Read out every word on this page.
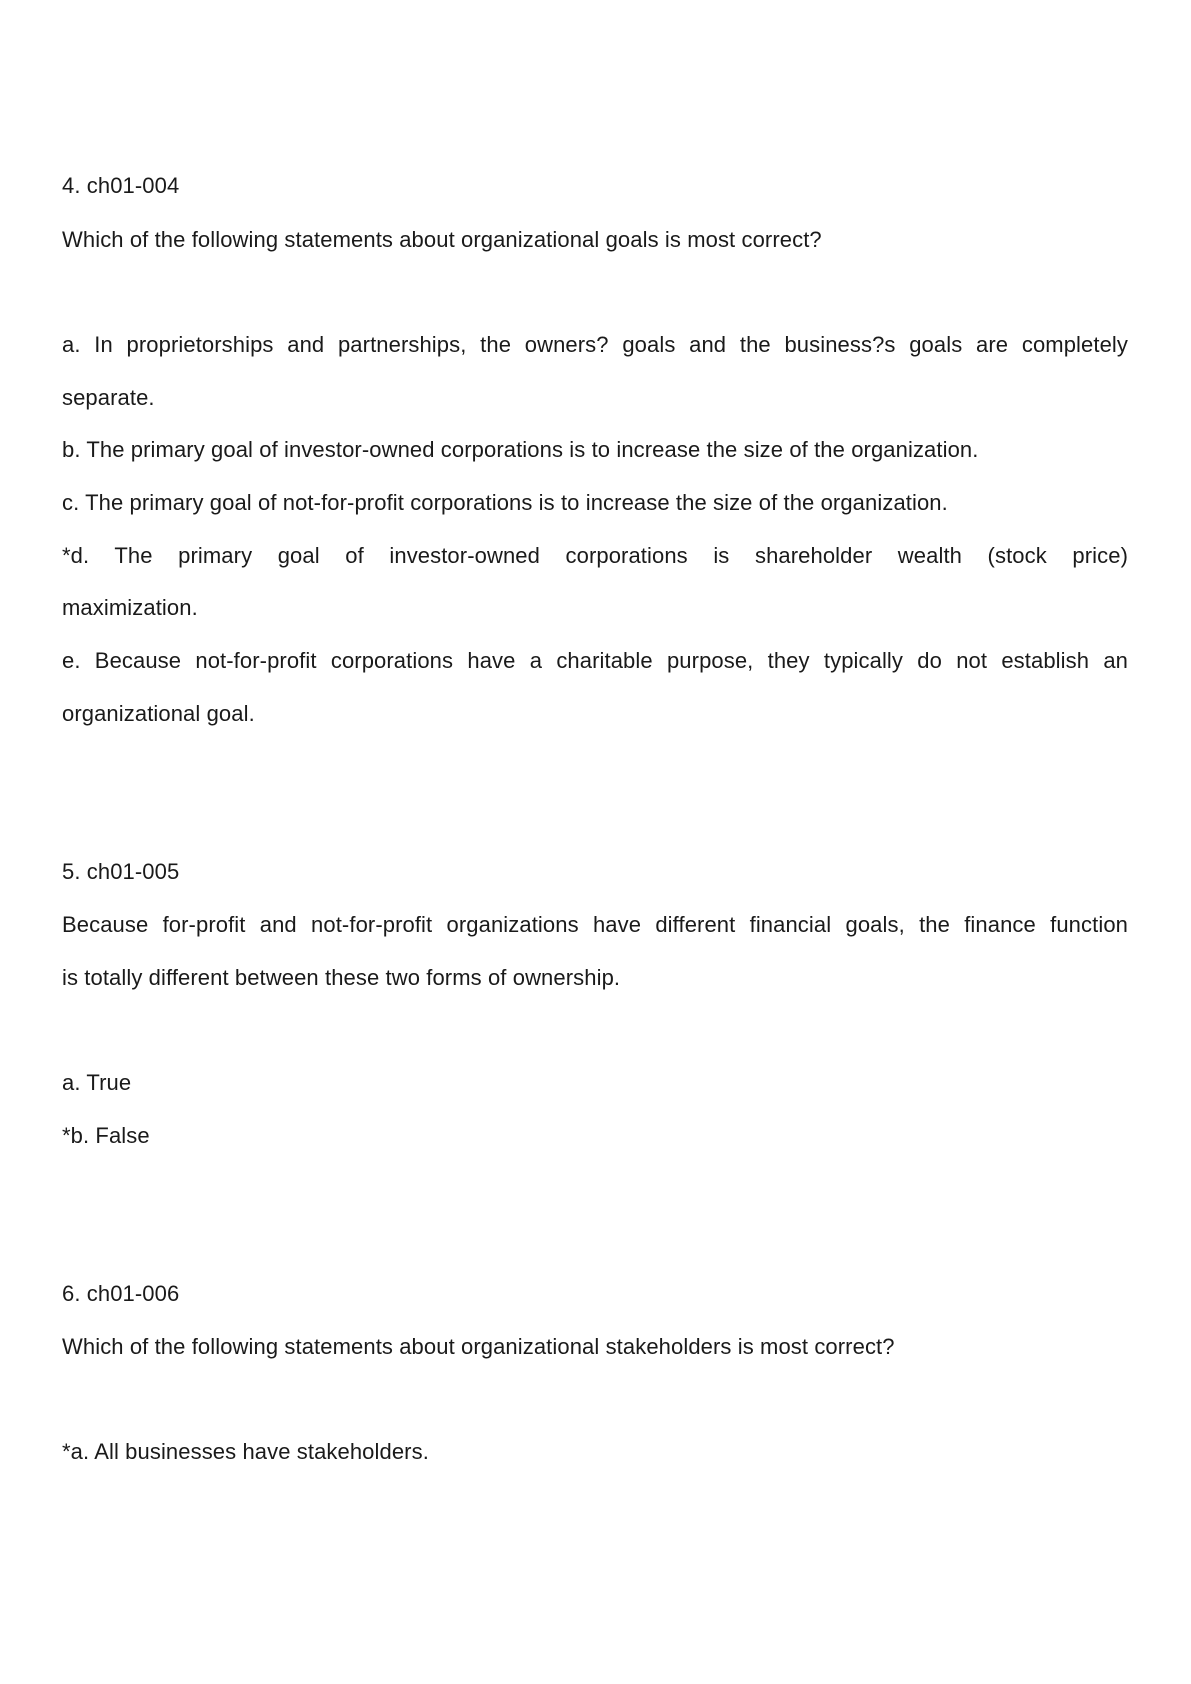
4. ch01-004
Which of the following statements about organizational goals is most correct?
a. In proprietorships and partnerships, the owners? goals and the business?s goals are completely
separate.
b. The primary goal of investor-owned corporations is to increase the size of the organization.
c. The primary goal of not-for-profit corporations is to increase the size of the organization.
*d. The primary goal of investor-owned corporations is shareholder wealth (stock price)
maximization.
e. Because not-for-profit corporations have a charitable purpose, they typically do not establish an
organizational goal.
5. ch01-005
Because for-profit and not-for-profit organizations have different financial goals, the finance function
is totally different between these two forms of ownership.
a. True
*b. False
6. ch01-006
Which of the following statements about organizational stakeholders is most correct?
*a. All businesses have stakeholders.
